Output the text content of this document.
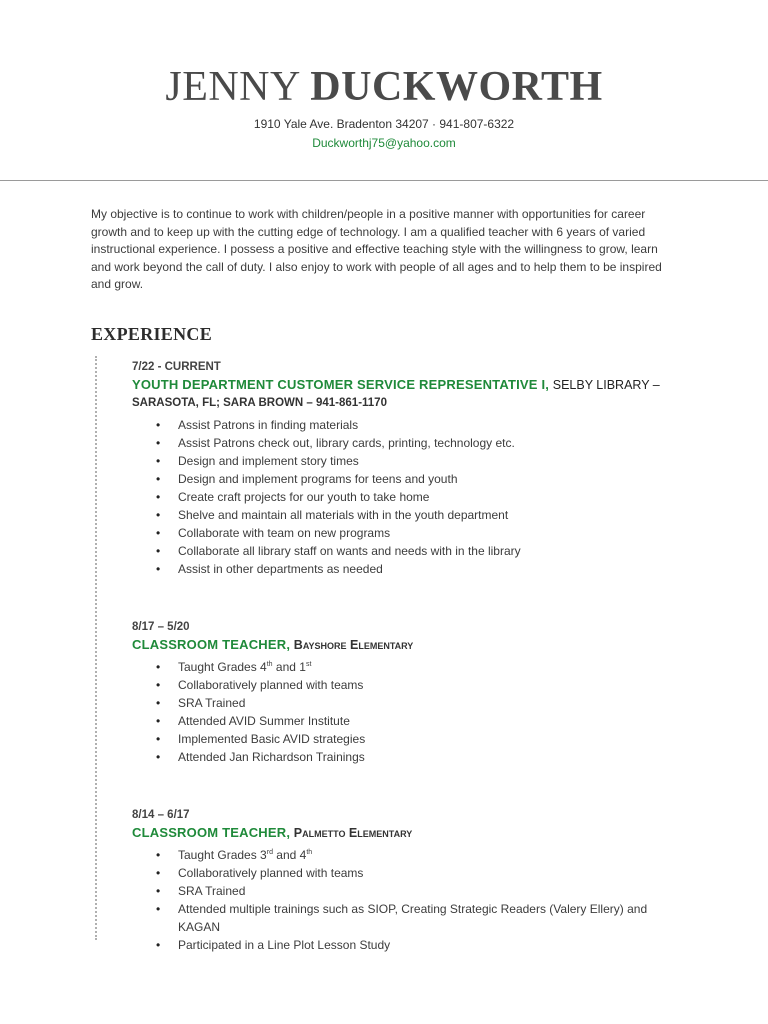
JENNY DUCKWORTH
1910 Yale Ave. Bradenton 34207 · 941-807-6322
Duckworthj75@yahoo.com
My objective is to continue to work with children/people in a positive manner with opportunities for career growth and to keep up with the cutting edge of technology. I am a qualified teacher with 6 years of varied instructional experience. I possess a positive and effective teaching style with the willingness to grow, learn and work beyond the call of duty. I also enjoy to work with people of all ages and to help them to be inspired and grow.
EXPERIENCE
7/22 - CURRENT
YOUTH DEPARTMENT CUSTOMER SERVICE REPRESENTATIVE I, SELBY LIBRARY –
SARASOTA, FL; SARA BROWN – 941-861-1170
• Assist Patrons in finding materials
• Assist Patrons check out, library cards, printing, technology etc.
• Design and implement story times
• Design and implement programs for teens and youth
• Create craft projects for our youth to take home
• Shelve and maintain all materials with in the youth department
• Collaborate with team on new programs
• Collaborate all library staff on wants and needs with in the library
• Assist in other departments as needed
8/17 – 5/20
CLASSROOM TEACHER, Bayshore Elementary
• Taught Grades 4th and 1st
• Collaboratively planned with teams
• SRA Trained
• Attended AVID Summer Institute
• Implemented Basic AVID strategies
• Attended Jan Richardson Trainings
8/14 – 6/17
CLASSROOM TEACHER, Palmetto Elementary
• Taught Grades 3rd and 4th
• Collaboratively planned with teams
• SRA Trained
• Attended multiple trainings such as SIOP, Creating Strategic Readers (Valery Ellery) and KAGAN
• Participated in a Line Plot Lesson Study
